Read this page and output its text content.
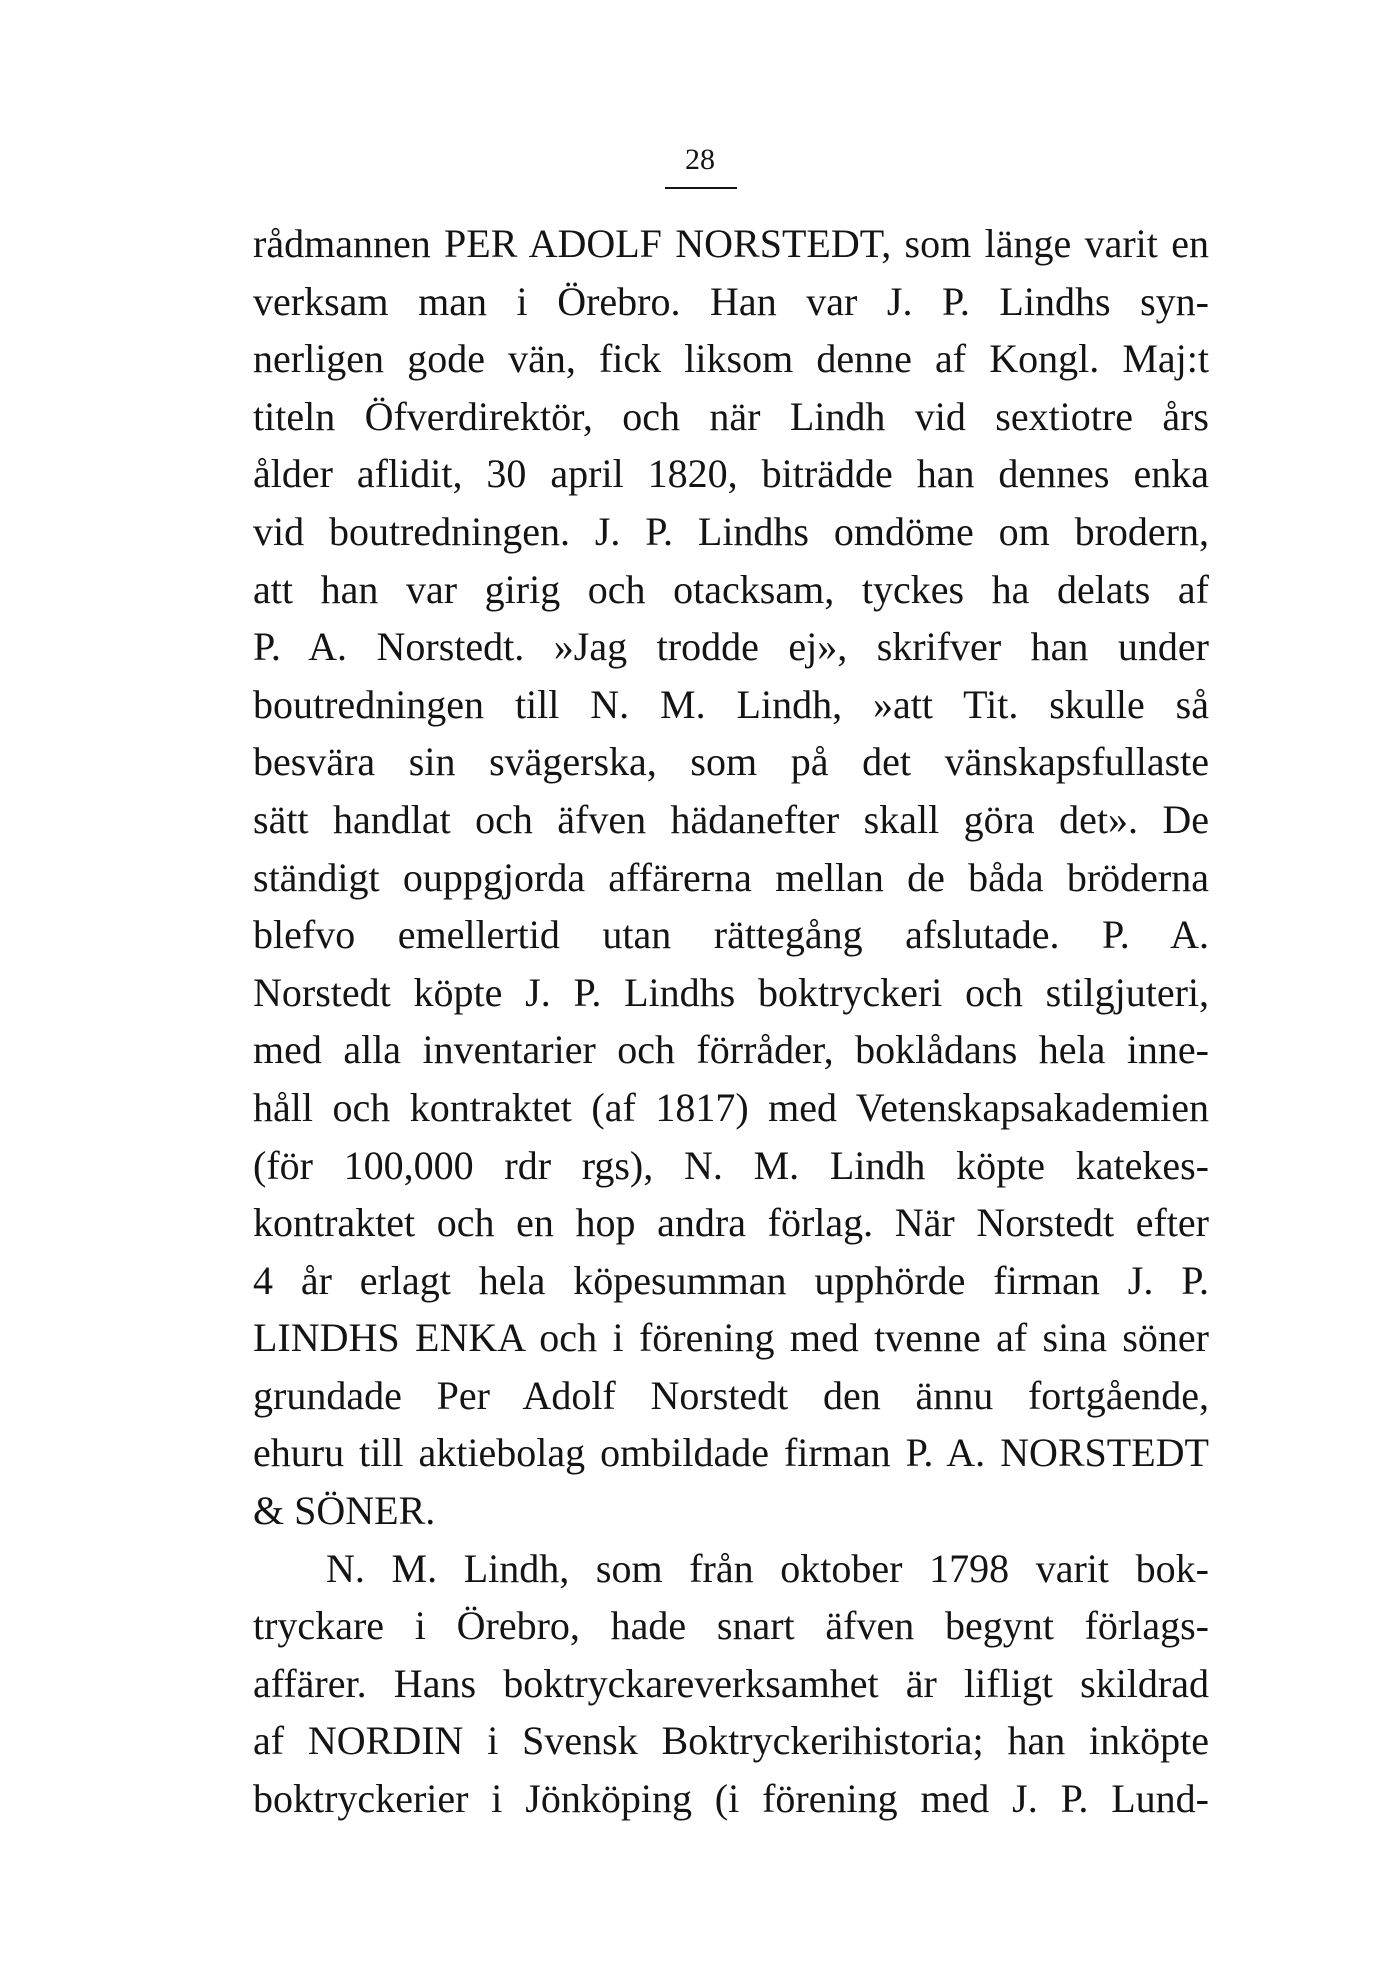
28
rådmannen PER ADOLF NORSTEDT, som länge varit en
verksam man i Örebro. Han var J. P. Lindhs syn-
nerligen gode vän, fick liksom denne af Kongl. Maj:t
titeln Öfverdirektör, och när Lindh vid sextiotre års
ålder aflidit, 30 april 1820, biträdde han dennes enka
vid boutredningen. J. P. Lindhs omdöme om brodern,
att han var girig och otacksam, tyckes ha delats af
P. A. Norstedt. »Jag trodde ej», skrifver han under
boutredningen till N. M. Lindh, »att Tit. skulle så
besvära sin svägerska, som på det vänskapsfullaste
sätt handlat och äfven hädanefter skall göra det». De
ständigt ouppgjorda affärerna mellan de båda bröderna
blefvo emellertid utan rättegång afslutade. P. A.
Norstedt köpte J. P. Lindhs boktryckeri och stilgjuteri,
med alla inventarier och förråder, boklådans hela inne-
håll och kontraktet (af 1817) med Vetenskapsakademien
(för 100,000 rdr rgs), N. M. Lindh köpte katekes-
kontraktet och en hop andra förlag. När Norstedt efter
4 år erlagt hela köpesumman upphörde firman J. P.
LINDHS ENKA och i förening med tvenne af sina söner
grundade Per Adolf Norstedt den ännu fortgående,
ehuru till aktiebolag ombildade firman P. A. NORSTEDT
& SÖNER.
N. M. Lindh, som från oktober 1798 varit bok-
tryckare i Örebro, hade snart äfven begynt förlags-
affärer. Hans boktryckareverksamhet är lifligt skildrad
af NORDIN i Svensk Boktryckerihistoria; han inköpte
boktryckerier i Jönköping (i förening med J. P. Lund-
